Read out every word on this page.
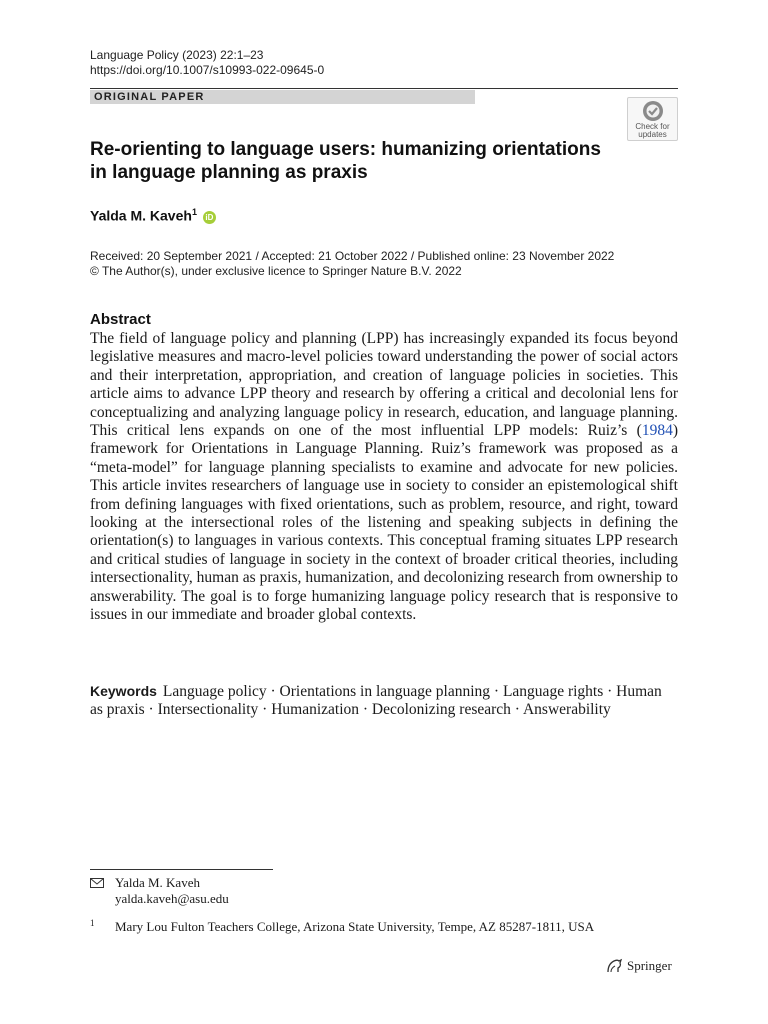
Language Policy (2023) 22:1–23
https://doi.org/10.1007/s10993-022-09645-0
ORIGINAL PAPER
Check for
updates
Re-orienting to language users: humanizing orientations in language planning as praxis
Yalda M. Kaveh$^1$ iD
Received: 20 September 2021 / Accepted: 21 October 2022 / Published online: 23 November 2022
© The Author(s), under exclusive licence to Springer Nature B.V. 2022
Abstract

The field of language policy and planning (LPP) has increasingly expanded its focus beyond legislative measures and macro-level policies toward understanding the power of social actors and their interpretation, appropriation, and creation of language policies in societies. This article aims to advance LPP theory and research by offering a critical and decolonial lens for conceptualizing and analyzing language policy in research, education, and language planning. This critical lens expands on one of the most influential LPP models: Ruiz’s (1984) framework for Orientations in Language Planning. Ruiz’s framework was proposed as a “meta-model” for language planning specialists to examine and advocate for new policies. This article invites researchers of language use in society to consider an epistemological shift from defining languages with fixed orientations, such as problem, resource, and right, toward looking at the intersectional roles of the listening and speaking subjects in defining the orientation(s) to languages in various contexts. This conceptual framing situates LPP research and critical studies of language in society in the context of broader critical theories, including intersectionality, human as praxis, humanization, and decolonizing research from ownership to answerability. The goal is to forge humanizing language policy research that is responsive to issues in our immediate and broader global contexts.

Keywords Language policy · Orientations in language planning · Language rights · Human as praxis · Intersectionality · Humanization · Decolonizing research · Answerability

Yalda M. Kaveh
yalda.kaveh@asu.edu
1 Mary Lou Fulton Teachers College, Arizona State University, Tempe, AZ 85287-1811, USA
Springer
